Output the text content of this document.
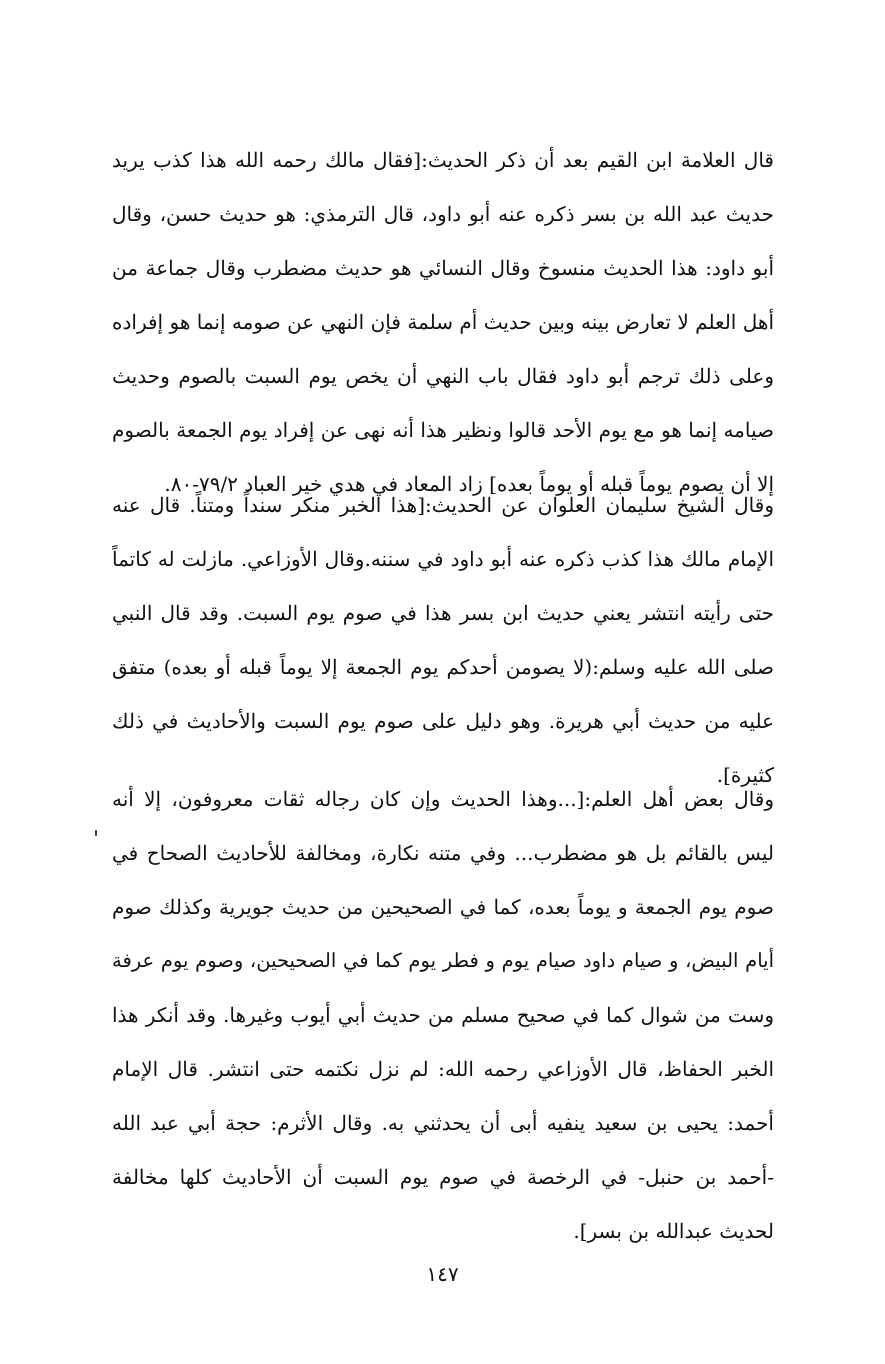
قال العلامة ابن القيم بعد أن ذكر الحديث:[فقال مالك رحمه الله هذا كذب يريد
حديث عبد الله بن بسر ذكره عنه أبو داود، قال الترمذي: هو حديث حسن، وقال
أبو داود: هذا الحديث منسوخ وقال النسائي هو حديث مضطرب وقال جماعة من
أهل العلم لا تعارض بينه وبين حديث أم سلمة فإن النهي عن صومه إنما هو إفراده
وعلى ذلك ترجم أبو داود فقال باب النهي أن يخص يوم السبت بالصوم وحديث
صيامه إنما هو مع يوم الأحد قالوا ونظير هذا أنه نهى عن إفراد يوم الجمعة بالصوم
إلا أن يصوم يوماً قبله أو يوماً بعده] زاد المعاد في هدي خير العباد ٧٩/٢-٨٠.
وقال الشيخ سليمان العلوان عن الحديث:[هذا الخبر منكر سنداً ومتناً. قال عنه
الإمام مالك هذا كذب ذكره عنه أبو داود في سننه.وقال الأوزاعي. مازلت له كاتماً
حتى رأيته انتشر يعني حديث ابن بسر هذا في صوم يوم السبت. وقد قال النبي
صلى الله عليه وسلم:(لا يصومن أحدكم يوم الجمعة إلا يوماً قبله أو بعده) متفق
عليه من حديث أبي هريرة. وهو دليل على صوم يوم السبت والأحاديث في ذلك
كثيرة].
وقال بعض أهل العلم:[...وهذا الحديث وإن كان رجاله ثقات معروفون، إلا أنه
ليس بالقائم بل هو مضطرب... وفي متنه نكارة، ومخالفة للأحاديث الصحاح في
صوم يوم الجمعة و يوماً بعده، كما في الصحيحين من حديث جويرية وكذلك صوم
أيام البيض، و صيام داود صيام يوم و فطر يوم كما في الصحيحين، وصوم يوم عرفة
وست من شوال كما في صحيح مسلم من حديث أبي أيوب وغيرها. وقد أنكر هذا
الخبر الحفاظ، قال الأوزاعي رحمه الله: لم نزل نكتمه حتى انتشر. قال الإمام
أحمد: يحيى بن سعيد ينفيه أبى أن يحدثني به. وقال الأثرم: حجة أبي عبد الله
-أحمد بن حنبل- في الرخصة في صوم يوم السبت أن الأحاديث كلها مخالفة
لحديث عبدالله بن بسر].
١٤٧
